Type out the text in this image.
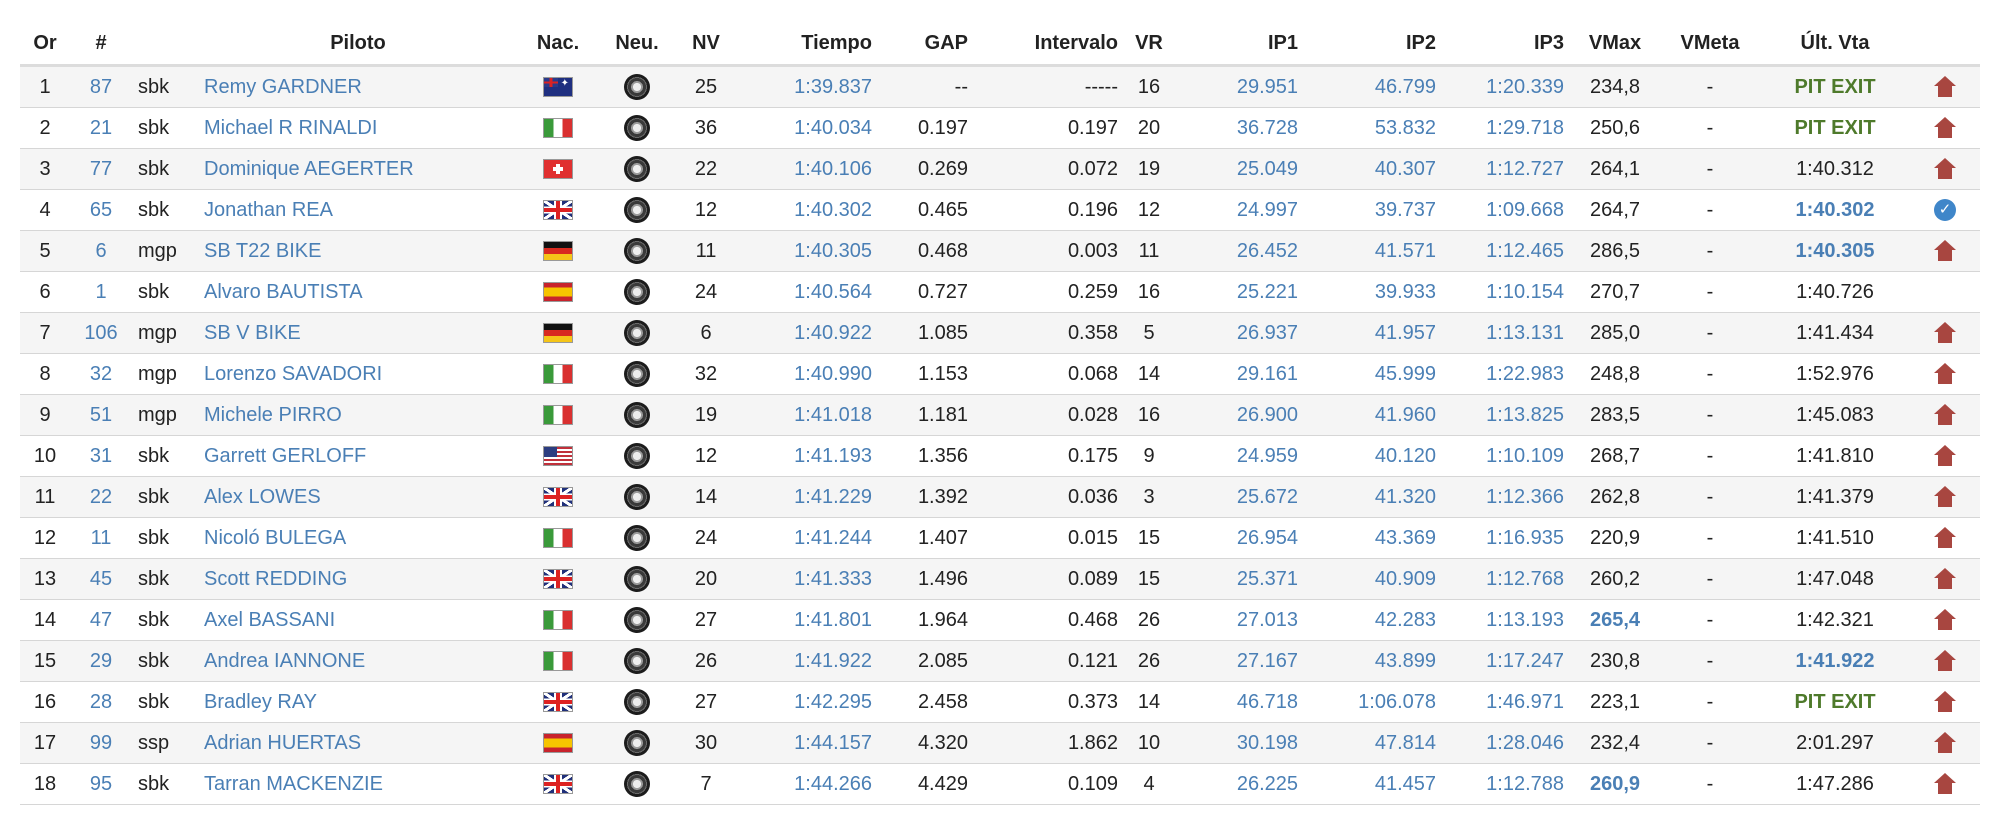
Or	#		Piloto	Nac.	Neu.	NV	Tiempo	GAP	Intervalo	VR	IP1	IP2	IP3	VMax	VMeta	Últ. Vta	
1	87	sbk	Remy GARDNER	✦		25	1:39.837	--	-----	16	29.951	46.799	1:20.339	234,8	-	PIT EXIT	
2	21	sbk	Michael R RINALDI			36	1:40.034	0.197	0.197	20	36.728	53.832	1:29.718	250,6	-	PIT EXIT	
3	77	sbk	Dominique AEGERTER			22	1:40.106	0.269	0.072	19	25.049	40.307	1:12.727	264,1	-	1:40.312	
4	65	sbk	Jonathan REA			12	1:40.302	0.465	0.196	12	24.997	39.737	1:09.668	264,7	-	1:40.302	✓
5	6	mgp	SB T22 BIKE			11	1:40.305	0.468	0.003	11	26.452	41.571	1:12.465	286,5	-	1:40.305	
6	1	sbk	Alvaro BAUTISTA			24	1:40.564	0.727	0.259	16	25.221	39.933	1:10.154	270,7	-	1:40.726	
7	106	mgp	SB V BIKE			6	1:40.922	1.085	0.358	5	26.937	41.957	1:13.131	285,0	-	1:41.434	
8	32	mgp	Lorenzo SAVADORI			32	1:40.990	1.153	0.068	14	29.161	45.999	1:22.983	248,8	-	1:52.976	
9	51	mgp	Michele PIRRO			19	1:41.018	1.181	0.028	16	26.900	41.960	1:13.825	283,5	-	1:45.083	
10	31	sbk	Garrett GERLOFF			12	1:41.193	1.356	0.175	9	24.959	40.120	1:10.109	268,7	-	1:41.810	
11	22	sbk	Alex LOWES			14	1:41.229	1.392	0.036	3	25.672	41.320	1:12.366	262,8	-	1:41.379	
12	11	sbk	Nicoló BULEGA			24	1:41.244	1.407	0.015	15	26.954	43.369	1:16.935	220,9	-	1:41.510	
13	45	sbk	Scott REDDING			20	1:41.333	1.496	0.089	15	25.371	40.909	1:12.768	260,2	-	1:47.048	
14	47	sbk	Axel BASSANI			27	1:41.801	1.964	0.468	26	27.013	42.283	1:13.193	265,4	-	1:42.321	
15	29	sbk	Andrea IANNONE			26	1:41.922	2.085	0.121	26	27.167	43.899	1:17.247	230,8	-	1:41.922	
16	28	sbk	Bradley RAY			27	1:42.295	2.458	0.373	14	46.718	1:06.078	1:46.971	223,1	-	PIT EXIT	
17	99	ssp	Adrian HUERTAS			30	1:44.157	4.320	1.862	10	30.198	47.814	1:28.046	232,4	-	2:01.297	
18	95	sbk	Tarran MACKENZIE			7	1:44.266	4.429	0.109	4	26.225	41.457	1:12.788	260,9	-	1:47.286	
